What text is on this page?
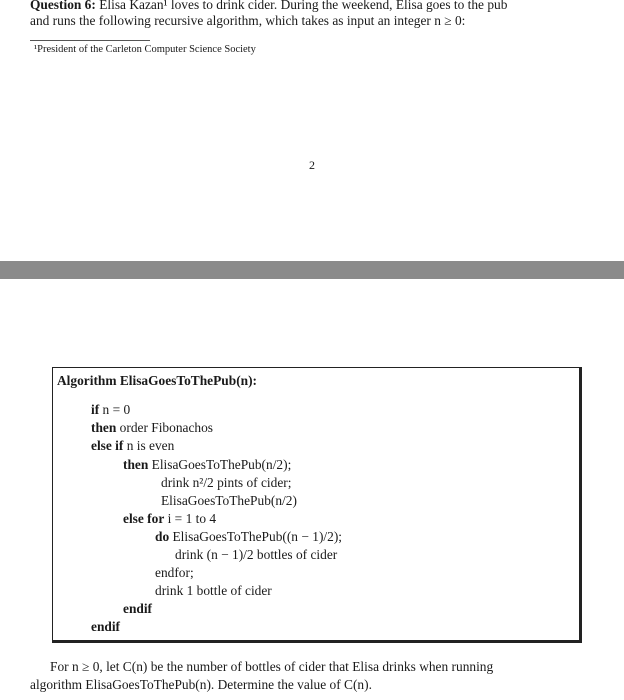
Question 6: Elisa Kazan¹ loves to drink cider. During the weekend, Elisa goes to the pub
and runs the following recursive algorithm, which takes as input an integer n ≥ 0:
¹President of the Carleton Computer Science Society
2
Algorithm ElisaGoesToThePub(n):
if n = 0
then order Fibonachos
else if n is even
then ElisaGoesToThePub(n/2);
drink n²/2 pints of cider;
ElisaGoesToThePub(n/2)
else for i = 1 to 4
do ElisaGoesToThePub((n − 1)/2);
drink (n − 1)/2 bottles of cider
endfor;
drink 1 bottle of cider
endif
endif
For n ≥ 0, let C(n) be the number of bottles of cider that Elisa drinks when running
algorithm ElisaGoesToThePub(n). Determine the value of C(n).
